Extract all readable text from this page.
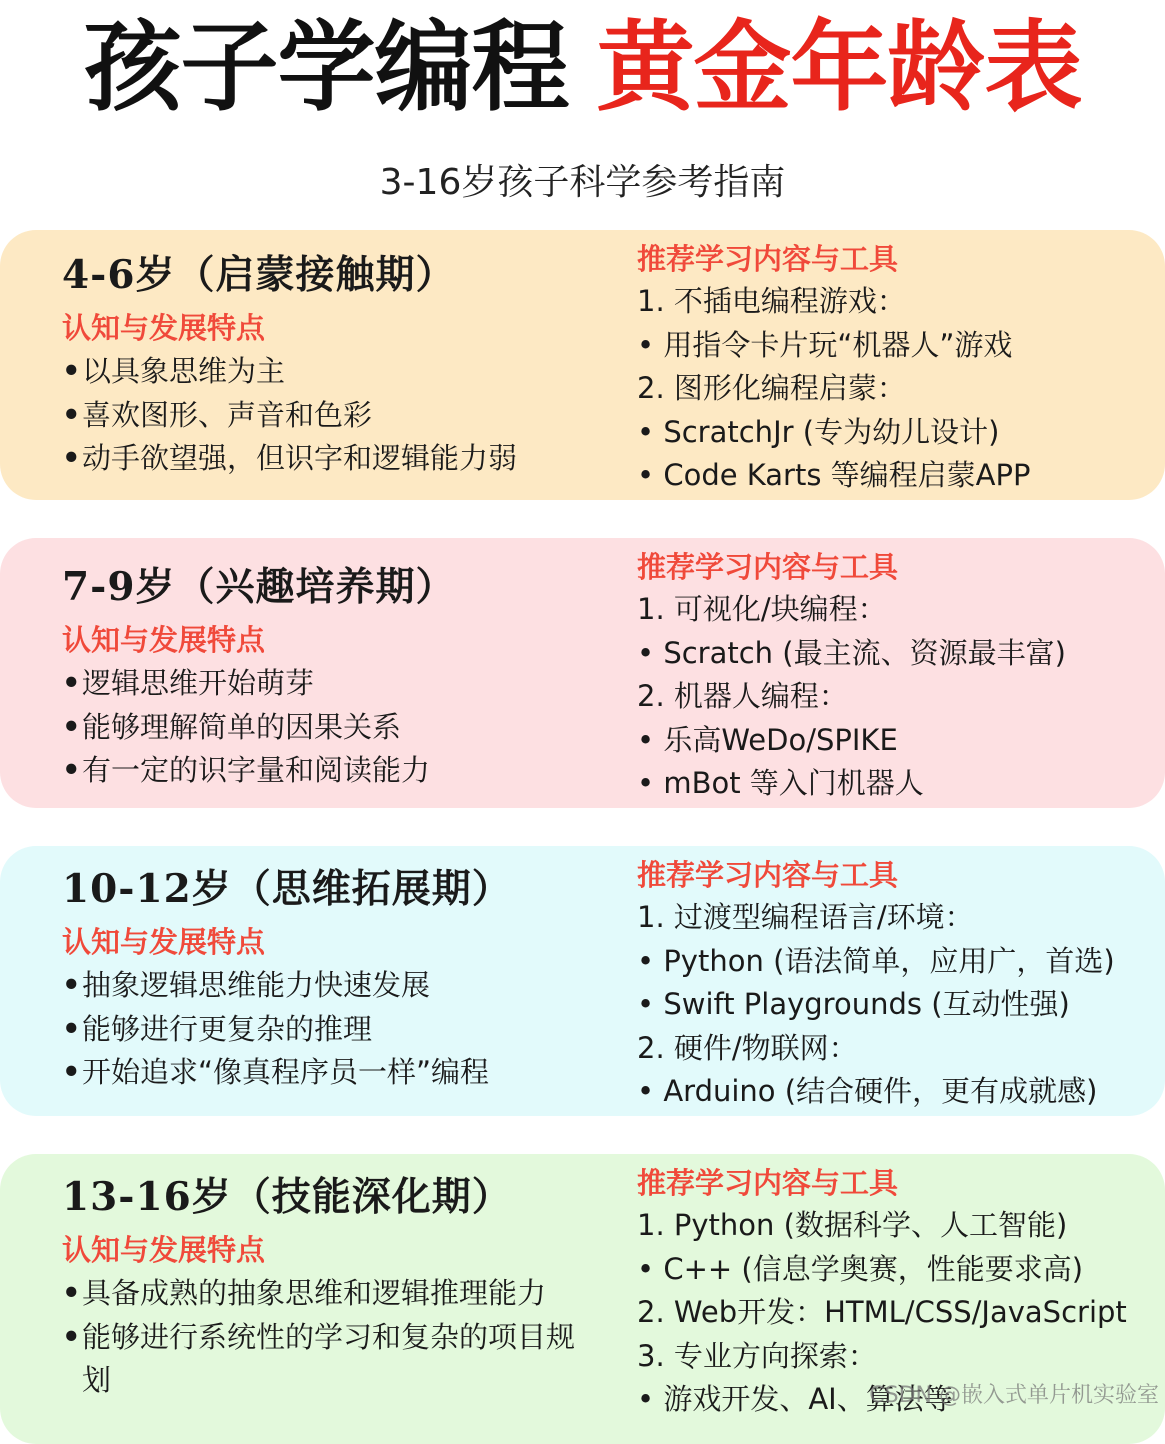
孩子学编程 黄金年龄表
3-16岁孩子科学参考指南
4-6岁（启蒙接触期）
认知与发展特点
•以具象思维为主
•喜欢图形、声音和色彩
•动手欲望强，但识字和逻辑能力弱
推荐学习内容与工具
1. 不插电编程游戏：
• 用指令卡片玩“机器人”游戏
2. 图形化编程启蒙：
• ScratchJr (专为幼儿设计)
• Code Karts 等编程启蒙APP
7-9岁（兴趣培养期）
认知与发展特点
•逻辑思维开始萌芽
•能够理解简单的因果关系
•有一定的识字量和阅读能力
推荐学习内容与工具
1. 可视化/块编程：
• Scratch (最主流、资源最丰富)
2. 机器人编程：
• 乐高WeDo/SPIKE
• mBot 等入门机器人
10-12岁（思维拓展期）
认知与发展特点
•抽象逻辑思维能力快速发展
•能够进行更复杂的推理
•开始追求“像真程序员一样”编程
推荐学习内容与工具
1. 过渡型编程语言/环境：
• Python (语法简单，应用广，首选)
• Swift Playgrounds (互动性强)
2. 硬件/物联网：
• Arduino (结合硬件，更有成就感)
13-16岁（技能深化期）
认知与发展特点
•具备成熟的抽象思维和逻辑推理能力
• 能够进行系统性的学习和复杂的项目规划
推荐学习内容与工具
1. Python (数据科学、人工智能)
• C++ (信息学奥赛，性能要求高)
2. Web开发：HTML/CSS/JavaScript
3. 专业方向探索：
• 游戏开发、AI、算法等
CSDN @嵌入式单片机实验室
